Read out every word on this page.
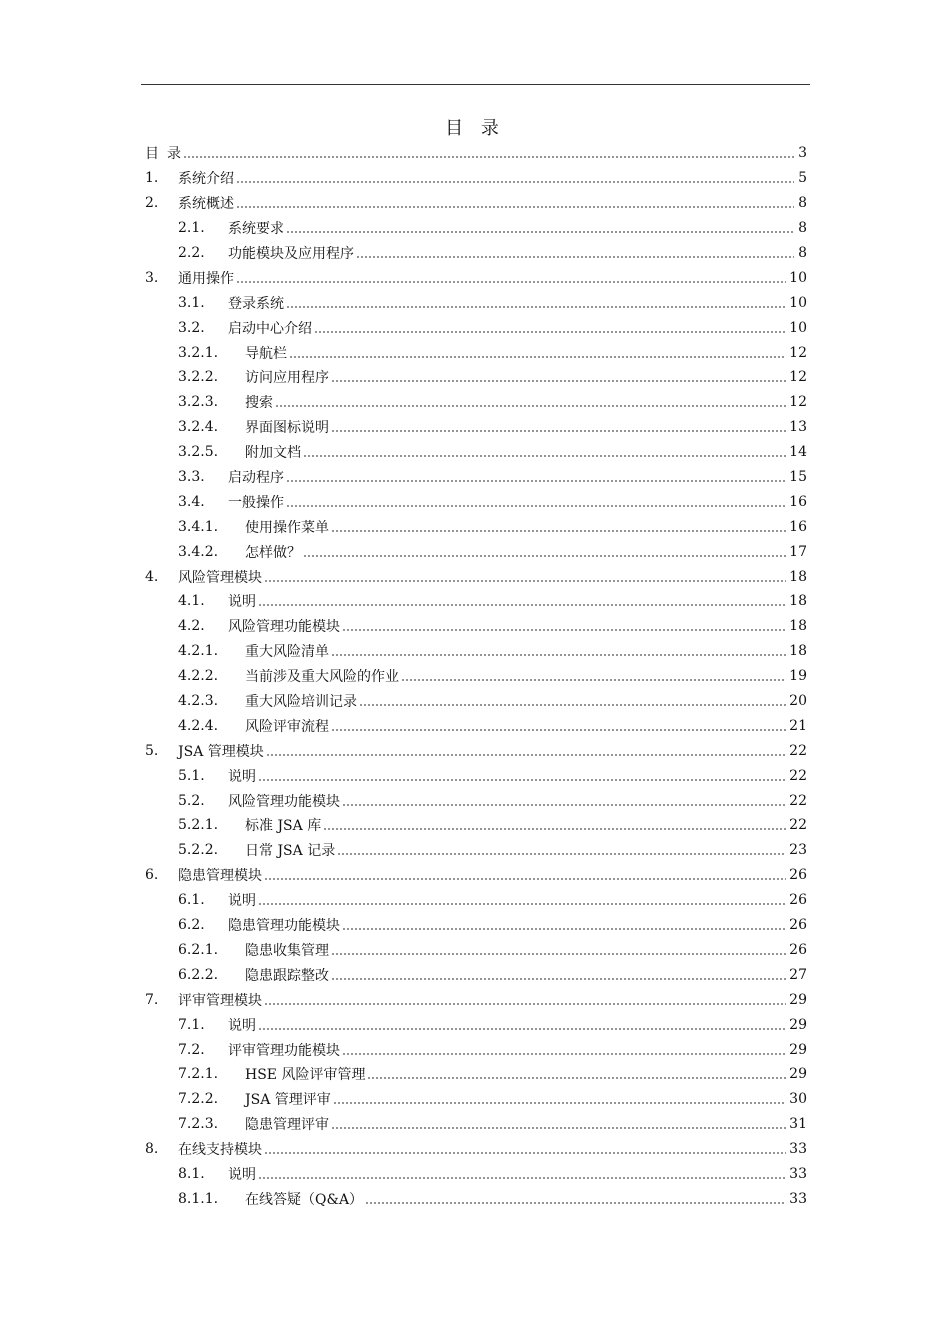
目 录
目 录	3
1.	系统介绍	5
2.	系统概述	8
2.1.	系统要求	8
2.2.	功能模块及应用程序	8
3.	通用操作	10
3.1.	登录系统	10
3.2.	启动中心介绍	10
3.2.1.	导航栏	12
3.2.2.	访问应用程序	12
3.2.3.	搜索	12
3.2.4.	界面图标说明	13
3.2.5.	附加文档	14
3.3.	启动程序	15
3.4.	一般操作	16
3.4.1.	使用操作菜单	16
3.4.2.	怎样做？	17
4.	风险管理模块	18
4.1.	说明	18
4.2.	风险管理功能模块	18
4.2.1.	重大风险清单	18
4.2.2.	当前涉及重大风险的作业	19
4.2.3.	重大风险培训记录	20
4.2.4.	风险评审流程	21
5.	JSA 管理模块	22
5.1.	说明	22
5.2.	风险管理功能模块	22
5.2.1.	标准 JSA 库	22
5.2.2.	日常 JSA 记录	23
6.	隐患管理模块	26
6.1.	说明	26
6.2.	隐患管理功能模块	26
6.2.1.	隐患收集管理	26
6.2.2.	隐患跟踪整改	27
7.	评审管理模块	29
7.1.	说明	29
7.2.	评审管理功能模块	29
7.2.1.	HSE 风险评审管理	29
7.2.2.	JSA 管理评审	30
7.2.3.	隐患管理评审	31
8.	在线支持模块	33
8.1.	说明	33
8.1.1.	在线答疑（Q&A）	33
